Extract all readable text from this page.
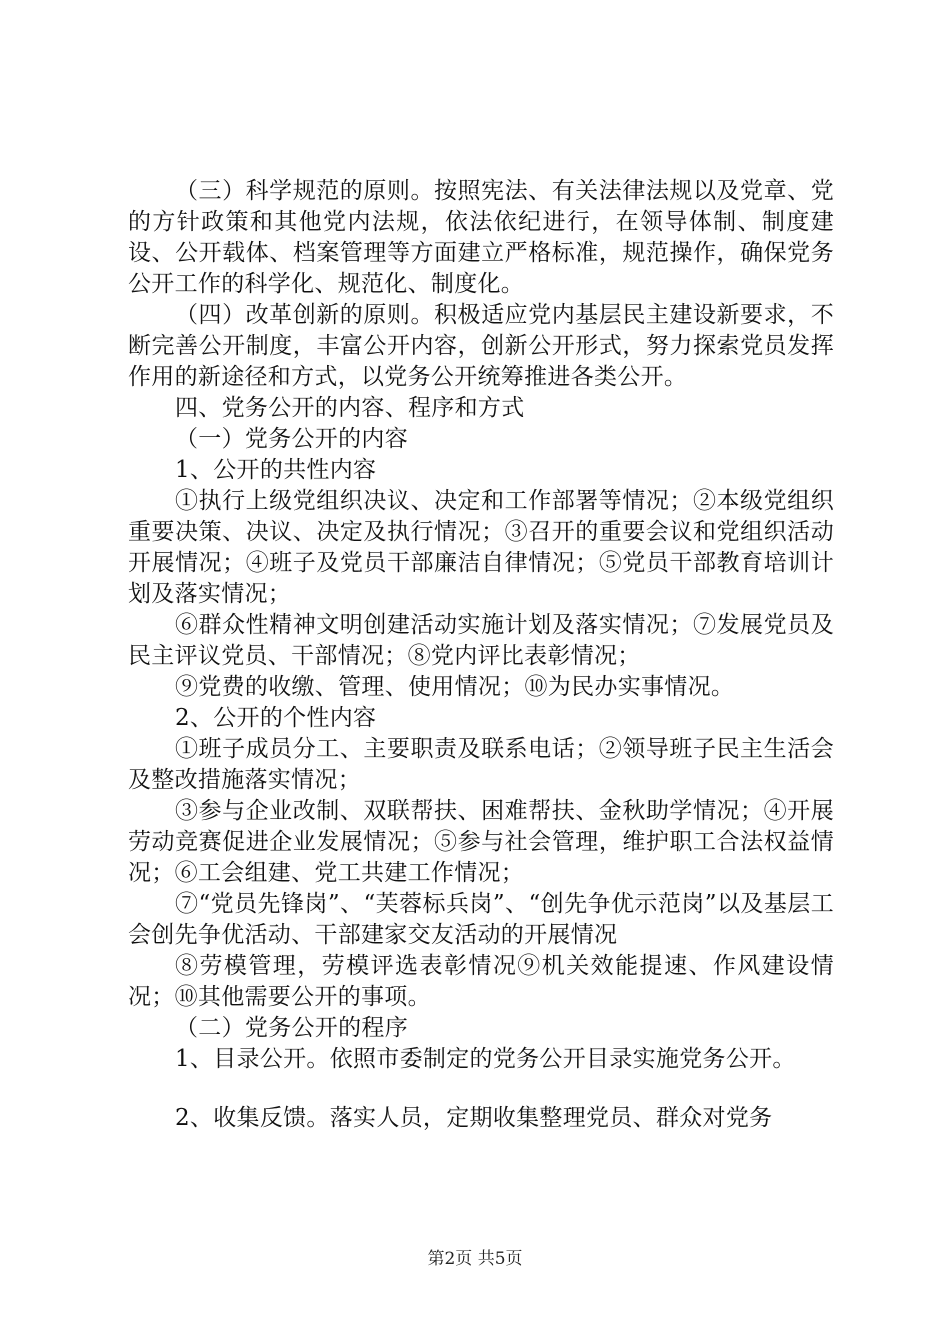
（三）科学规范的原则。按照宪法、有关法律法规以及党章、党的方针政策和其他党内法规，依法依纪进行，在领导体制、制度建设、公开载体、档案管理等方面建立严格标准，规范操作，确保党务公开工作的科学化、规范化、制度化。

（四）改革创新的原则。积极适应党内基层民主建设新要求，不断完善公开制度，丰富公开内容，创新公开形式，努力探索党员发挥作用的新途径和方式，以党务公开统筹推进各类公开。

四、党务公开的内容、程序和方式

（一）党务公开的内容

1、公开的共性内容

①执行上级党组织决议、决定和工作部署等情况；②本级党组织重要决策、决议、决定及执行情况；③召开的重要会议和党组织活动开展情况；④班子及党员干部廉洁自律情况；⑤党员干部教育培训计划及落实情况；

⑥群众性精神文明创建活动实施计划及落实情况；⑦发展党员及民主评议党员、干部情况；⑧党内评比表彰情况；

⑨党费的收缴、管理、使用情况；⑩为民办实事情况。

2、公开的个性内容

①班子成员分工、主要职责及联系电话；②领导班子民主生活会及整改措施落实情况；

③参与企业改制、双联帮扶、困难帮扶、金秋助学情况；④开展劳动竞赛促进企业发展情况；⑤参与社会管理，维护职工合法权益情况；⑥工会组建、党工共建工作情况；

⑦“党员先锋岗”、“芙蓉标兵岗”、“创先争优示范岗”以及基层工会创先争优活动、干部建家交友活动的开展情况

⑧劳模管理，劳模评选表彰情况⑨机关效能提速、作风建设情况；⑩其他需要公开的事项。

（二）党务公开的程序

1、目录公开。依照市委制定的党务公开目录实施党务公开。

2、收集反馈。落实人员，定期收集整理党员、群众对党务

第2页 共5页
